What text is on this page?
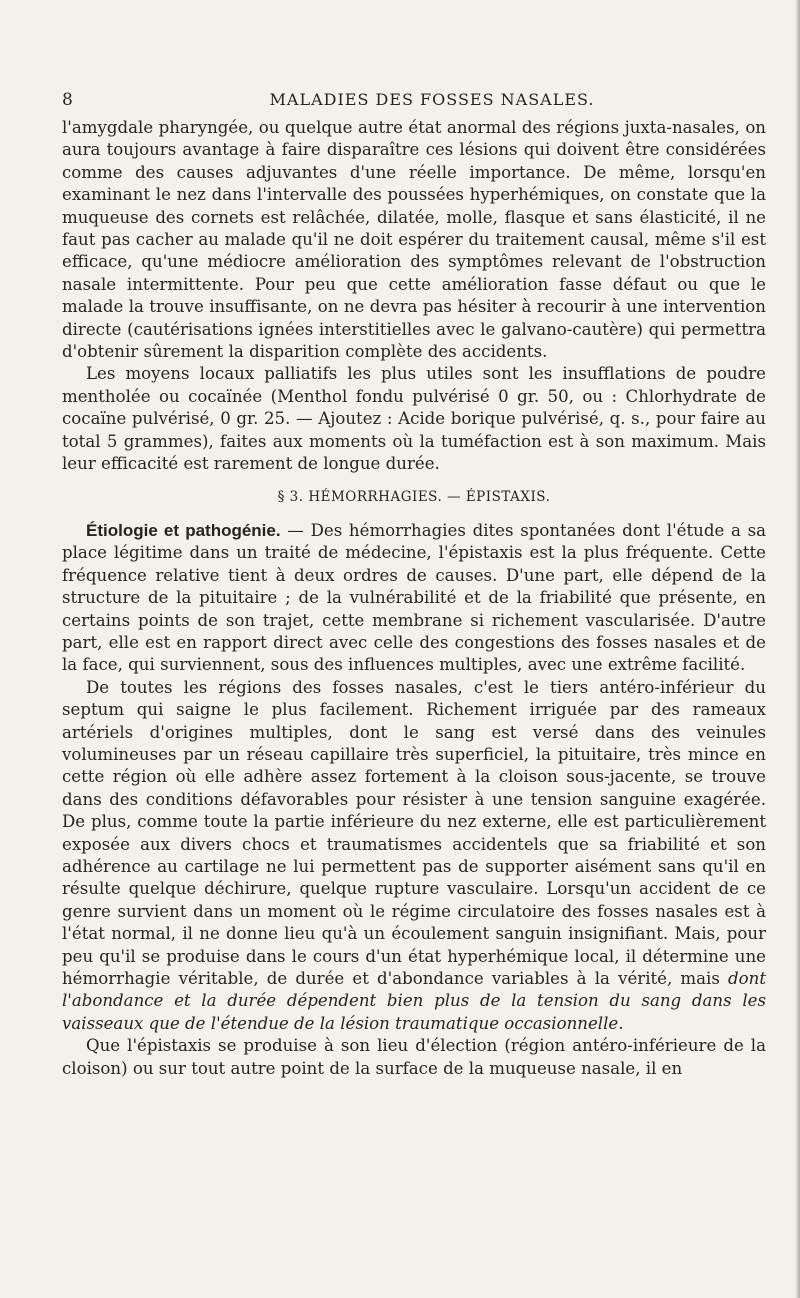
8	MALADIES DES FOSSES NASALES.

l'amygdale pharyngée, ou quelque autre état anormal des régions juxta-nasales, on aura toujours avantage à faire disparaître ces lésions qui doivent être considérées comme des causes adjuvantes d'une réelle importance. De même, lorsqu'en examinant le nez dans l'intervalle des poussées hyperhémiques, on constate que la muqueuse des cornets est relâchée, dilatée, molle, flasque et sans élasticité, il ne faut pas cacher au malade qu'il ne doit espérer du traitement causal, même s'il est efficace, qu'une médiocre amélioration des symptômes relevant de l'obstruction nasale intermittente. Pour peu que cette amélioration fasse défaut ou que le malade la trouve insuffisante, on ne devra pas hésiter à recourir à une intervention directe (cautérisations ignées interstitielles avec le galvano-cautère) qui permettra d'obtenir sûrement la disparition complète des accidents.

Les moyens locaux palliatifs les plus utiles sont les insufflations de poudre mentholée ou cocaïnée (Menthol fondu pulvérisé 0 gr. 50, ou : Chlorhydrate de cocaïne pulvérisé, 0 gr. 25. — Ajoutez : Acide borique pulvérisé, q. s., pour faire au total 5 grammes), faites aux moments où la tuméfaction est à son maximum. Mais leur efficacité est rarement de longue durée.

§ 3. HÉMORRHAGIES. — ÉPISTAXIS.

Étiologie et pathogénie. — Des hémorrhagies dites spontanées dont l'étude a sa place légitime dans un traité de médecine, l'épistaxis est la plus fréquente. Cette fréquence relative tient à deux ordres de causes. D'une part, elle dépend de la structure de la pituitaire ; de la vulnérabilité et de la friabilité que présente, en certains points de son trajet, cette membrane si richement vascularisée. D'autre part, elle est en rapport direct avec celle des congestions des fosses nasales et de la face, qui surviennent, sous des influences multiples, avec une extrême facilité.

De toutes les régions des fosses nasales, c'est le tiers antéro-inférieur du septum qui saigne le plus facilement. Richement irriguée par des rameaux artériels d'origines multiples, dont le sang est versé dans des veinules volumineuses par un réseau capillaire très superficiel, la pituitaire, très mince en cette région où elle adhère assez fortement à la cloison sous-jacente, se trouve dans des conditions défavorables pour résister à une tension sanguine exagérée. De plus, comme toute la partie inférieure du nez externe, elle est particulièrement exposée aux divers chocs et traumatismes accidentels que sa friabilité et son adhérence au cartilage ne lui permettent pas de supporter aisément sans qu'il en résulte quelque déchirure, quelque rupture vasculaire. Lorsqu'un accident de ce genre survient dans un moment où le régime circulatoire des fosses nasales est à l'état normal, il ne donne lieu qu'à un écoulement sanguin insignifiant. Mais, pour peu qu'il se produise dans le cours d'un état hyperhémique local, il détermine une hémorrhagie véritable, de durée et d'abondance variables à la vérité, mais dont l'abondance et la durée dépendent bien plus de la tension du sang dans les vaisseaux que de l'étendue de la lésion traumatique occasionnelle.

Que l'épistaxis se produise à son lieu d'élection (région antéro-inférieure de la cloison) ou sur tout autre point de la surface de la muqueuse nasale, il en
